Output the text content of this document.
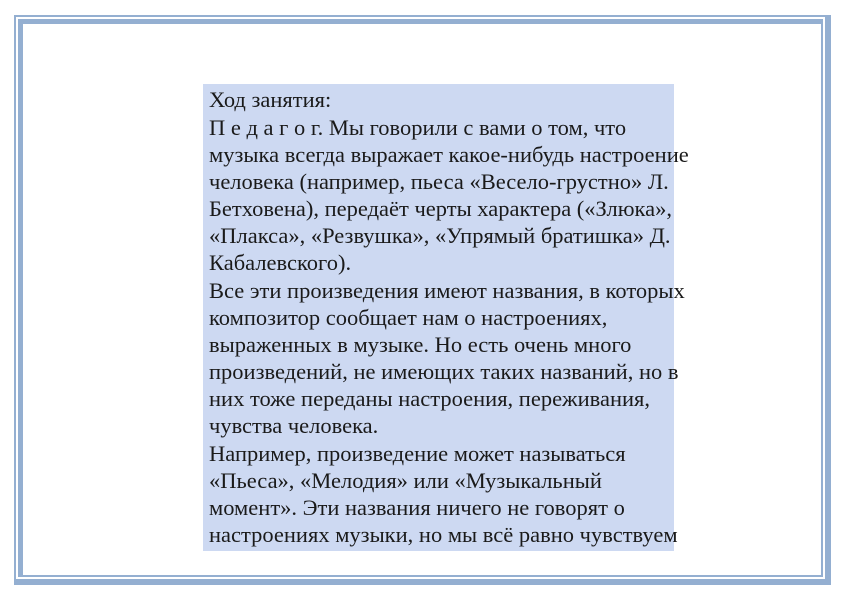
Ход занятия:

П е д а г о г. Мы говорили с вами о том, что
музыка всегда выражает какое-нибудь настроение
человека (например, пьеса «Весело-грустно» Л.
Бетховена), передаёт черты характера («Злюка»,
«Плакса», «Резвушка», «Упрямый братишка» Д.
Кабалевского).

Все эти произведения имеют названия, в которых
композитор сообщает нам о настроениях,
выраженных в музыке. Но есть очень много
произведений, не имеющих таких названий, но в
них тоже переданы настроения, переживания,
чувства человека.

Например, произведение может называться
«Пьеса», «Мелодия» или «Музыкальный
момент». Эти названия ничего не говорят о
настроениях музыки, но мы всё равно чувствуем
